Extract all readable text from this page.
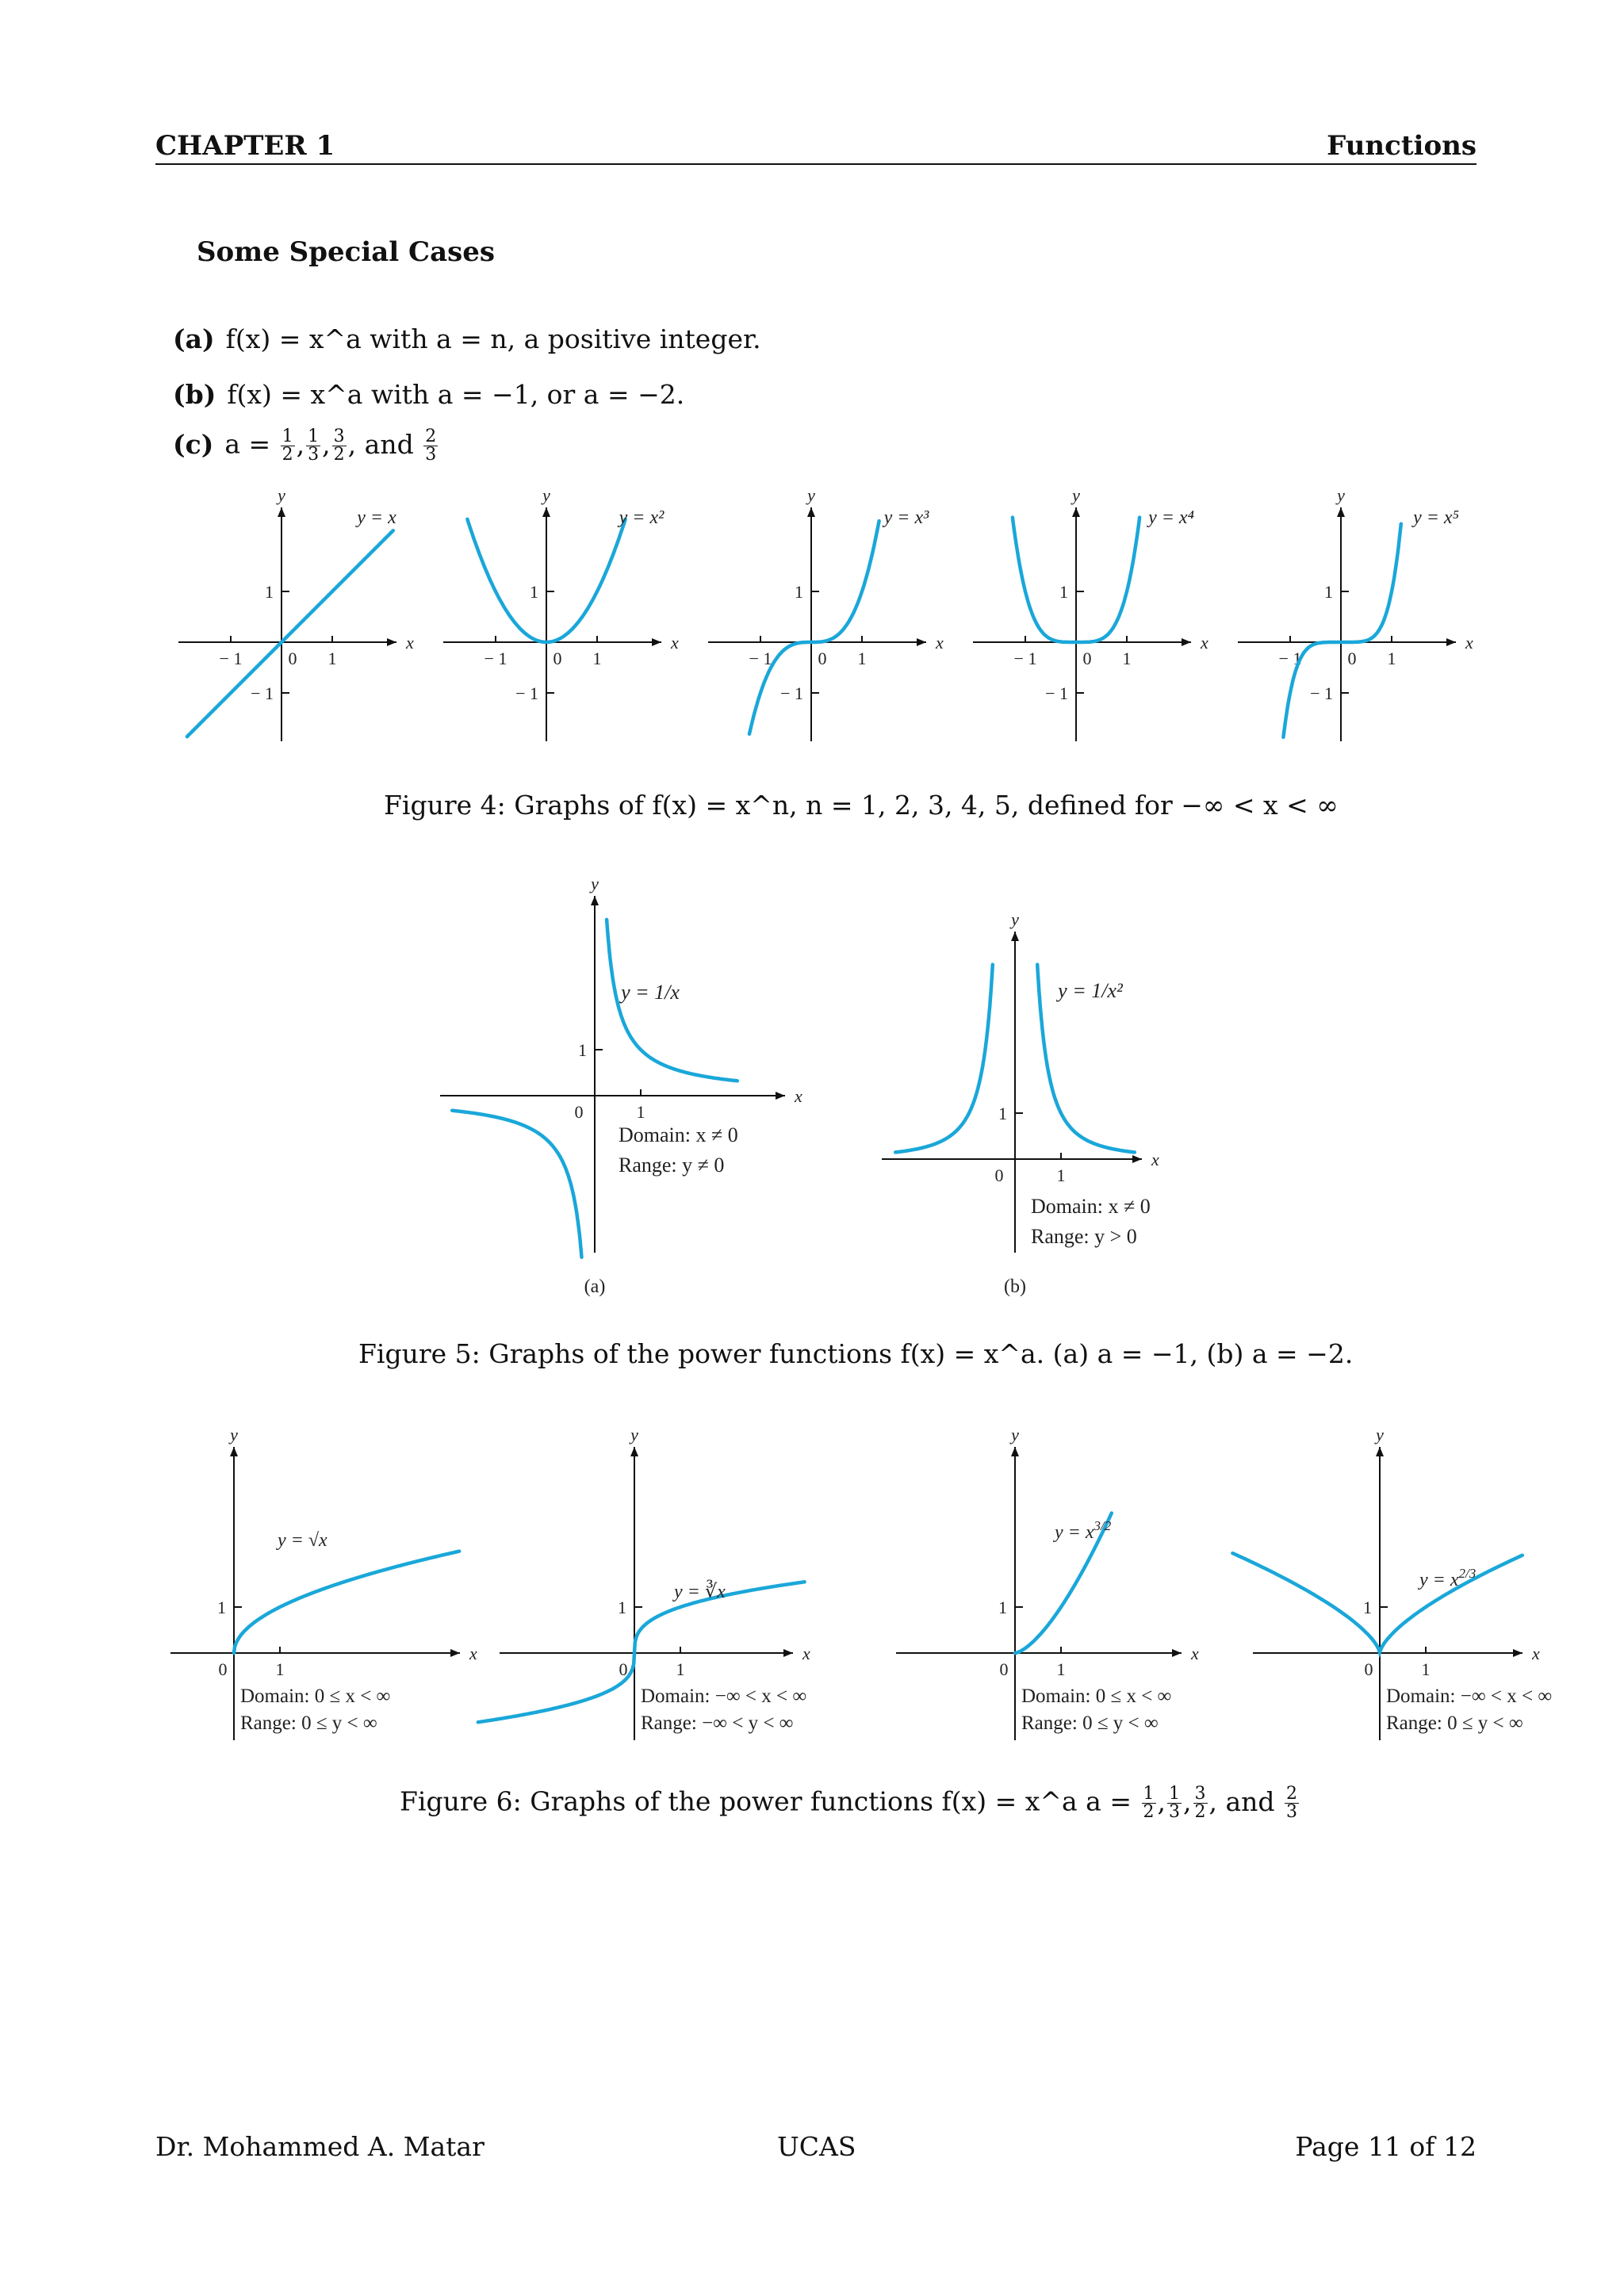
CHAPTER 1	Functions
Some Special Cases
(a) f(x) = x^a with a = n, a positive integer.
(b) f(x) = x^a with a = −1, or a = −2.
(c) $a = \frac{1}{2}$ , $\frac{1}{3}$ , $\frac{3}{2}$ , and $\frac{2}{3}$
x
y
− 1	1
0
1
− 1
y = x
x
y
− 1	1
0
1
− 1
y = x²
x
y
− 1	1
0
1
− 1
y = x³
x
y
− 1	1
0
1
− 1
y = x⁴
x
y
− 1	1
0
1
− 1
y = x⁵
Figure 4: Graphs of f(x) = x^n, n = 1, 2, 3, 4, 5, defined for −∞ < x < ∞
x
y
1
0
1
Domain: x ≠ 0
Range: y ≠ 0
y = 1/x
(a)
x
y
1
0
1
Domain: x ≠ 0
Range: y > 0
y = 1/x²
(b)
Figure 5: Graphs of the power functions f(x) = x^a. (a) a = −1, (b) a = −2.
x
y
1
0
1
y = √x
Domain: 0 ≤ x < ∞
Range: 0 ≤ y < ∞
x
y
1
0
1
y = ∛x
Domain: −∞ < x < ∞
Range: −∞ < y < ∞
x
y
1
0
1
$y = x^{3/2}$
Domain: 0 ≤ x < ∞
Range: 0 ≤ y < ∞
x
y
1
0
1
$y = x^{2/3}$
Domain: −∞ < x < ∞
Range: 0 ≤ y < ∞
Figure 6: Graphs of the power functions f(x) = x^a $a = \frac{1}{2}$ , $\frac{1}{3}$ , $\frac{3}{2}$ , and $\frac{2}{3}$
Dr. Mohammed A. Matar	UCAS	Page 11 of 12
